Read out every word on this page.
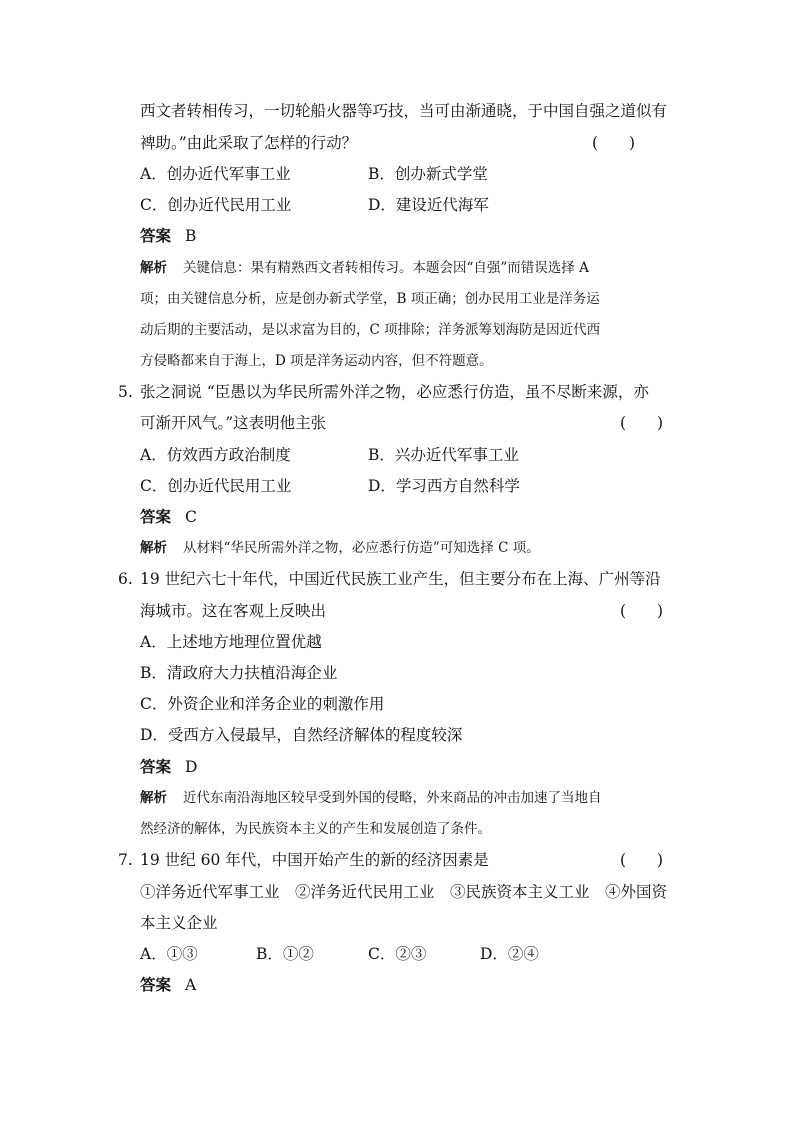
西文者转相传习，一切轮船火器等巧技，当可由渐通晓，于中国自强之道似有
裨助。”由此采取了怎样的行动？	(　　)
A．创办近代军事工业	B．创办新式学堂
C．创办近代民用工业	D．建设近代海军
答案 B
解析 关键信息：果有精熟西文者转相传习。本题会因“自强”而错误选择 A
项；由关键信息分析，应是创办新式学堂，B 项正确；创办民用工业是洋务运
动后期的主要活动，是以求富为目的，C 项排除；洋务派筹划海防是因近代西
方侵略都来自于海上，D 项是洋务运动内容，但不符题意。
5. 张之洞说 “臣愚以为华民所需外洋之物，必应悉行仿造，虽不尽断来源，亦
可渐开风气。”这表明他主张	(　　)
A．仿效西方政治制度	B．兴办近代军事工业
C．创办近代民用工业	D．学习西方自然科学
答案 C
解析 从材料“华民所需外洋之物，必应悉行仿造”可知选择 C 项。
6. 19 世纪六七十年代，中国近代民族工业产生，但主要分布在上海、广州等沿
海城市。这在客观上反映出	(　　)
A．上述地方地理位置优越
B．清政府大力扶植沿海企业
C．外资企业和洋务企业的刺激作用
D．受西方入侵最早，自然经济解体的程度较深
答案 D
解析 近代东南沿海地区较早受到外国的侵略，外来商品的冲击加速了当地自
然经济的解体，为民族资本主义的产生和发展创造了条件。
7. 19 世纪 60 年代，中国开始产生的新的经济因素是	(　　)
①洋务近代军事工业　②洋务近代民用工业　③民族资本主义工业　④外国资
本主义企业
A．①③	B．①②	C．②③	D．②④
答案 A
